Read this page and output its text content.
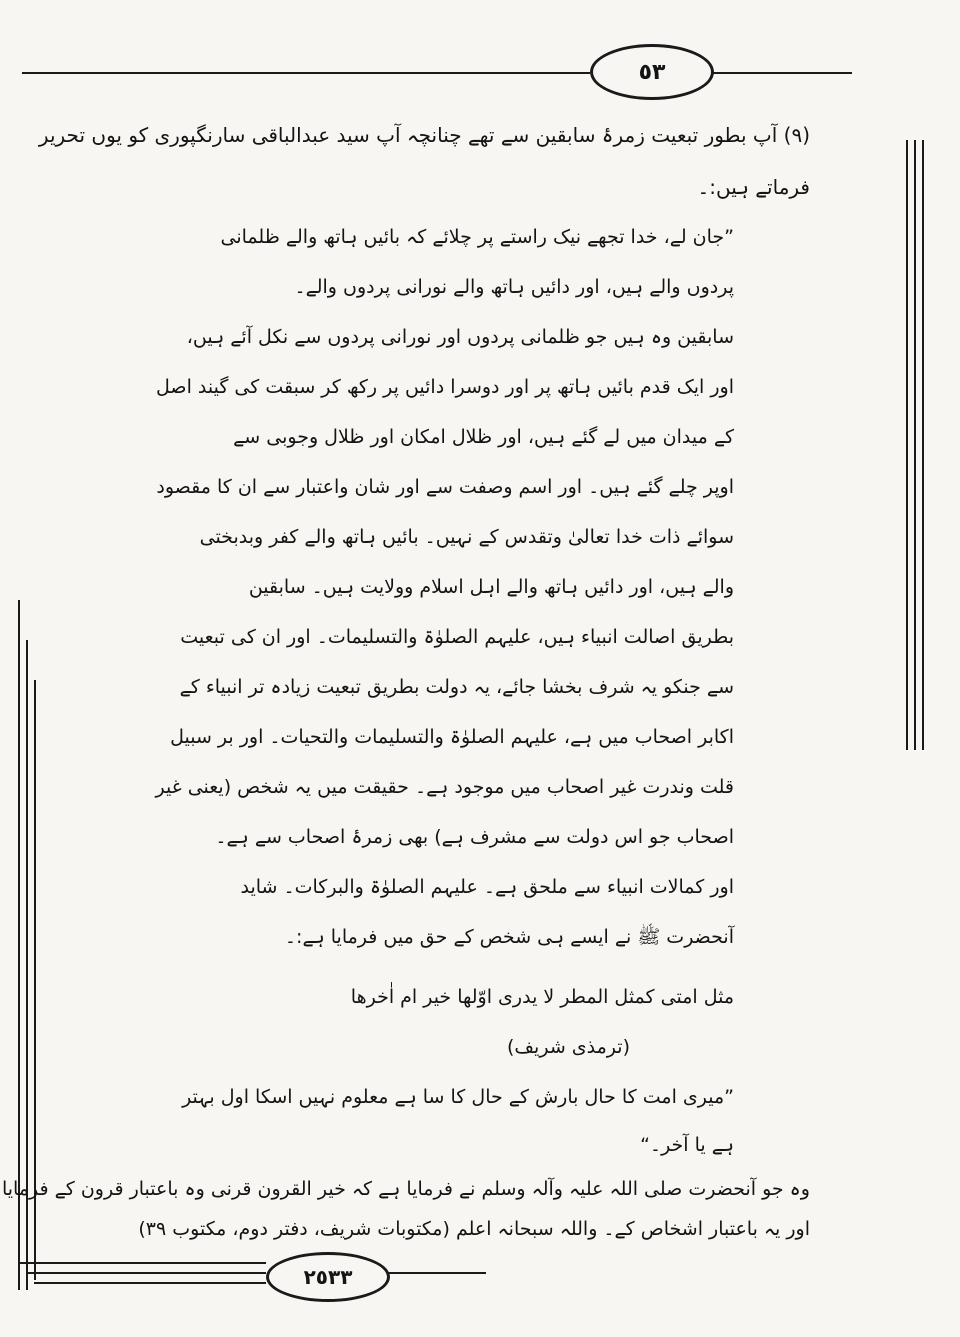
٥٣
٢٥٣٣
(٩) آپ بطور تبعیت زمرۂ سابقین سے تھے چنانچہ آپ سید عبدالباقی سارنگپوری کو یوں تحریر
فرماتے ہیں:۔
”جان لے، خدا تجھے نیک راستے پر چلائے کہ بائیں ہاتھ والے ظلمانی
پردوں والے ہیں، اور دائیں ہاتھ والے نورانی پردوں والے۔
سابقین وہ ہیں جو ظلمانی پردوں اور نورانی پردوں سے نکل آئے ہیں،
اور ایک قدم بائیں ہاتھ پر اور دوسرا دائیں پر رکھ کر سبقت کی گیند اصل
کے میدان میں لے گئے ہیں، اور ظلال امکان اور ظلال وجوبی سے
اوپر چلے گئے ہیں۔ اور اسم وصفت سے اور شان واعتبار سے ان کا مقصود
سوائے ذات خدا تعالیٰ وتقدس کے نہیں۔ بائیں ہاتھ والے کفر وبدبختی
والے ہیں، اور دائیں ہاتھ والے اہل اسلام وولایت ہیں۔ سابقین
بطریق اصالت انبیاء ہیں، علیہم الصلوٰۃ والتسلیمات۔ اور ان کی تبعیت
سے جنکو یہ شرف بخشا جائے، یہ دولت بطریق تبعیت زیادہ تر انبیاء کے
اکابر اصحاب میں ہے، علیہم الصلوٰۃ والتسلیمات والتحیات۔ اور بر سبیل
قلت وندرت غیر اصحاب میں موجود ہے۔ حقیقت میں یہ شخص (یعنی غیر
اصحاب جو اس دولت سے مشرف ہے) بھی زمرۂ اصحاب سے ہے۔
اور کمالات انبیاء سے ملحق ہے۔ علیہم الصلوٰۃ والبرکات۔ شاید
آنحضرت ﷺ نے ایسے ہی شخص کے حق میں فرمایا ہے:۔
مثل امتی کمثل المطر لا یدری اوّلھا خیر ام اٰخرھا
(ترمذی شریف)
”میری امت کا حال بارش کے حال کا سا ہے معلوم نہیں اسکا اول بہتر
ہے یا آخر۔“
وہ جو آنحضرت صلی اللہ علیہ وآلہ وسلم نے فرمایا ہے کہ خیر القرون قرنی وہ باعتبار قرون کے فرمایا
اور یہ باعتبار اشخاص کے۔ واللہ سبحانہ اعلم (مکتوبات شریف، دفتر دوم، مکتوب ٣٩)
